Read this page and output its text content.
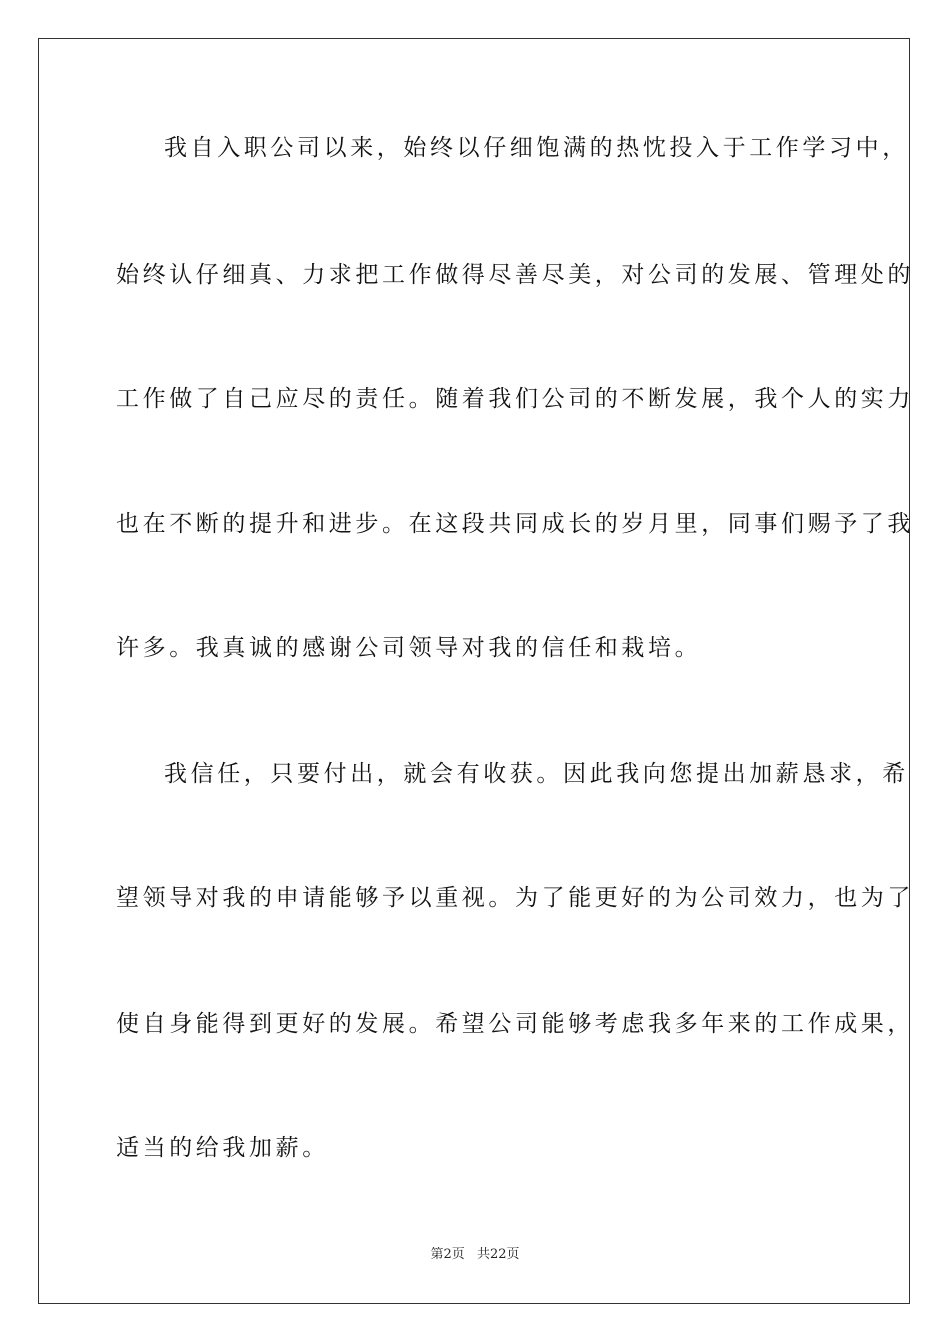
我自入职公司以来，始终以仔细饱满的热忱投入于工作学习中，

始终认仔细真、力求把工作做得尽善尽美，对公司的发展、管理处的

工作做了自己应尽的责任。随着我们公司的不断发展，我个人的实力

也在不断的提升和进步。在这段共同成长的岁月里，同事们赐予了我

许多。我真诚的感谢公司领导对我的信任和栽培。

我信任，只要付出，就会有收获。因此我向您提出加薪恳求，希

望领导对我的申请能够予以重视。为了能更好的为公司效力，也为了

使自身能得到更好的发展。希望公司能够考虑我多年来的工作成果，

适当的给我加薪。

第2页 共22页
